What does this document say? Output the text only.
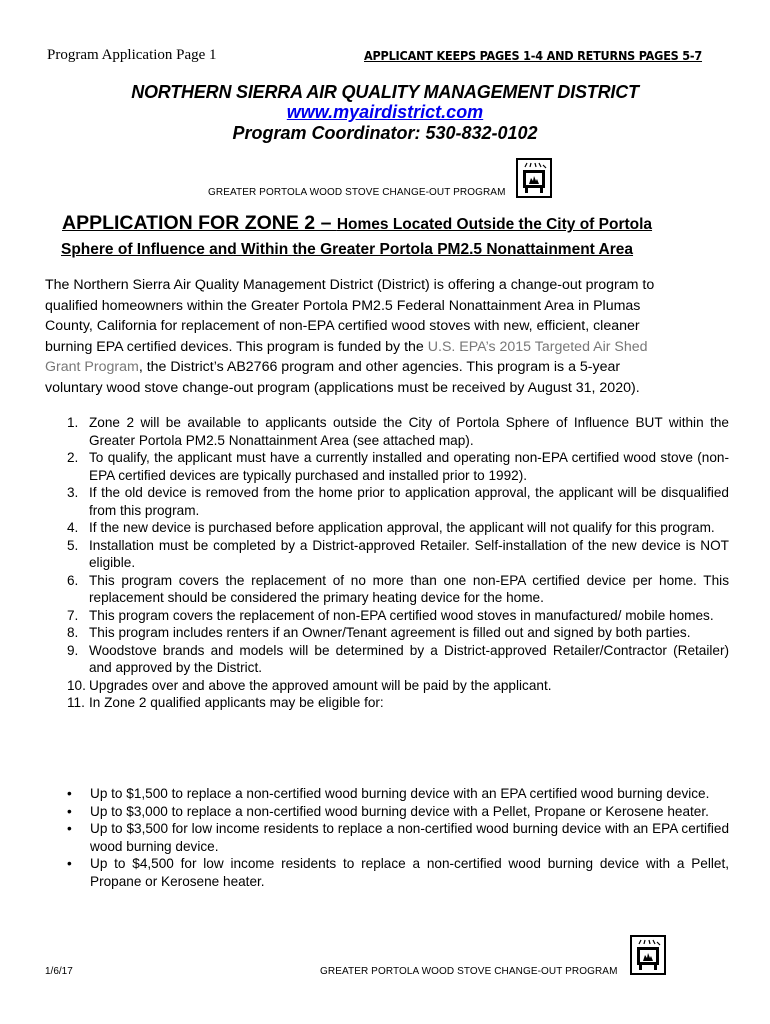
Program Application Page 1	APPLICANT KEEPS PAGES 1-4 AND RETURNS PAGES 5-7
NORTHERN SIERRA AIR QUALITY MANAGEMENT DISTRICT
www.myairdistrict.com
Program Coordinator: 530-832-0102
GREATER PORTOLA WOOD STOVE CHANGE-OUT PROGRAM
APPLICATION FOR ZONE 2 – Homes Located Outside the City of Portola
Sphere of Influence and Within the Greater Portola PM2.5 Nonattainment Area
The Northern Sierra Air Quality Management District (District) is offering a change-out program to
qualified homeowners within the Greater Portola PM2.5 Federal Nonattainment Area in Plumas
County, California for replacement of non-EPA certified wood stoves with new, efficient, cleaner
burning EPA certified devices. This program is funded by the U.S. EPA’s 2015 Targeted Air Shed
Grant Program, the District’s AB2766 program and other agencies. This program is a 5-year
voluntary wood stove change-out program (applications must be received by August 31, 2020).
1. Zone 2 will be available to applicants outside the City of Portola Sphere of Influence BUT within the Greater Portola PM2.5 Nonattainment Area (see attached map).
2. To qualify, the applicant must have a currently installed and operating non-EPA certified wood stove (non-EPA certified devices are typically purchased and installed prior to 1992).
3. If the old device is removed from the home prior to application approval, the applicant will be disqualified from this program.
4. If the new device is purchased before application approval, the applicant will not qualify for this program.
5. Installation must be completed by a District-approved Retailer. Self-installation of the new device is NOT eligible.
6. This program covers the replacement of no more than one non-EPA certified device per home. This replacement should be considered the primary heating device for the home.
7. This program covers the replacement of non-EPA certified wood stoves in manufactured/ mobile homes.
8. This program includes renters if an Owner/Tenant agreement is filled out and signed by both parties.
9. Woodstove brands and models will be determined by a District-approved Retailer/Contractor (Retailer) and approved by the District.
10. Upgrades over and above the approved amount will be paid by the applicant.
11. In Zone 2 qualified applicants may be eligible for:
• Up to $1,500 to replace a non-certified wood burning device with an EPA certified wood burning device.
• Up to $3,000 to replace a non-certified wood burning device with a Pellet, Propane or Kerosene heater.
• Up to $3,500 for low income residents to replace a non-certified wood burning device with an EPA certified wood burning device.
• Up to $4,500 for low income residents to replace a non-certified wood burning device with a Pellet, Propane or Kerosene heater.
1/6/17	GREATER PORTOLA WOOD STOVE CHANGE-OUT PROGRAM
